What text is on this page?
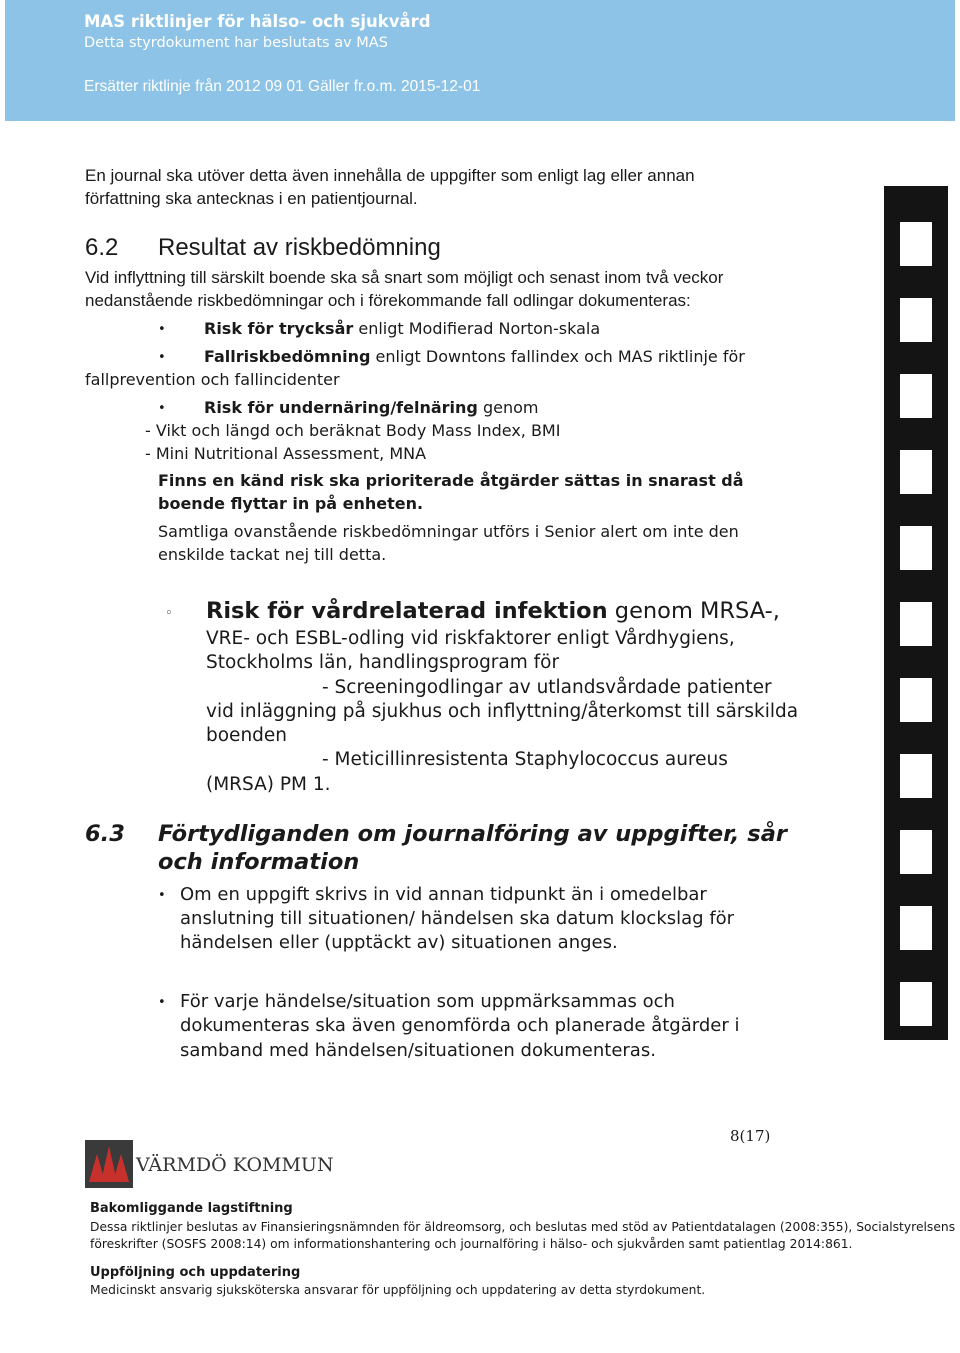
MAS riktlinjer för hälso- och sjukvård
Detta styrdokument har beslutats av MAS
Ersätter riktlinje från 2012 09 01 Gäller fr.o.m. 2015-12-01
En journal ska utöver detta även innehålla de uppgifter som enligt lag eller annan
författning ska antecknas i en patientjournal.
6.2 Resultat av riskbedömning
Vid inflyttning till särskilt boende ska så snart som möjligt och senast inom två veckor
nedanstående riskbedömningar och i förekommande fall odlingar dokumenteras:
• Risk för trycksår enligt Modifierad Norton-skala
• Fallriskbedömning enligt Downtons fallindex och MAS riktlinje för
fallprevention och fallincidenter
• Risk för undernäring/felnäring genom
- Vikt och längd och beräknat Body Mass Index, BMI
- Mini Nutritional Assessment, MNA
Finns en känd risk ska prioriterade åtgärder sättas in snarast då
boende flyttar in på enheten.
Samtliga ovanstående riskbedömningar utförs i Senior alert om inte den
enskilde tackat nej till detta.
◦ Risk för vårdrelaterad infektion genom MRSA-,
VRE- och ESBL-odling vid riskfaktorer enligt Vårdhygiens,
Stockholms län, handlingsprogram för
- Screeningodlingar av utlandsvårdade patienter
vid inläggning på sjukhus och inflyttning/återkomst till särskilda
boenden
- Meticillinresistenta Staphylococcus aureus
(MRSA) PM 1.
6.3 Förtydliganden om journalföring av uppgifter, sår
och information
• Om en uppgift skrivs in vid annan tidpunkt än i omedelbar
anslutning till situationen/ händelsen ska datum klockslag för
händelsen eller (upptäckt av) situationen anges.
• För varje händelse/situation som uppmärksammas och
dokumenteras ska även genomförda och planerade åtgärder i
samband med händelsen/situationen dokumenteras.
8(17)
VÄRMDÖ KOMMUN
Bakomliggande lagstiftning
Dessa riktlinjer beslutas av Finansieringsnämnden för äldreomsorg, och beslutas med stöd av Patientdatalagen (2008:355), Socialstyrelsens
föreskrifter (SOSFS 2008:14) om informationshantering och journalföring i hälso- och sjukvården samt patientlag 2014:861.
Uppföljning och uppdatering
Medicinskt ansvarig sjuksköterska ansvarar för uppföljning och uppdatering av detta styrdokument.
